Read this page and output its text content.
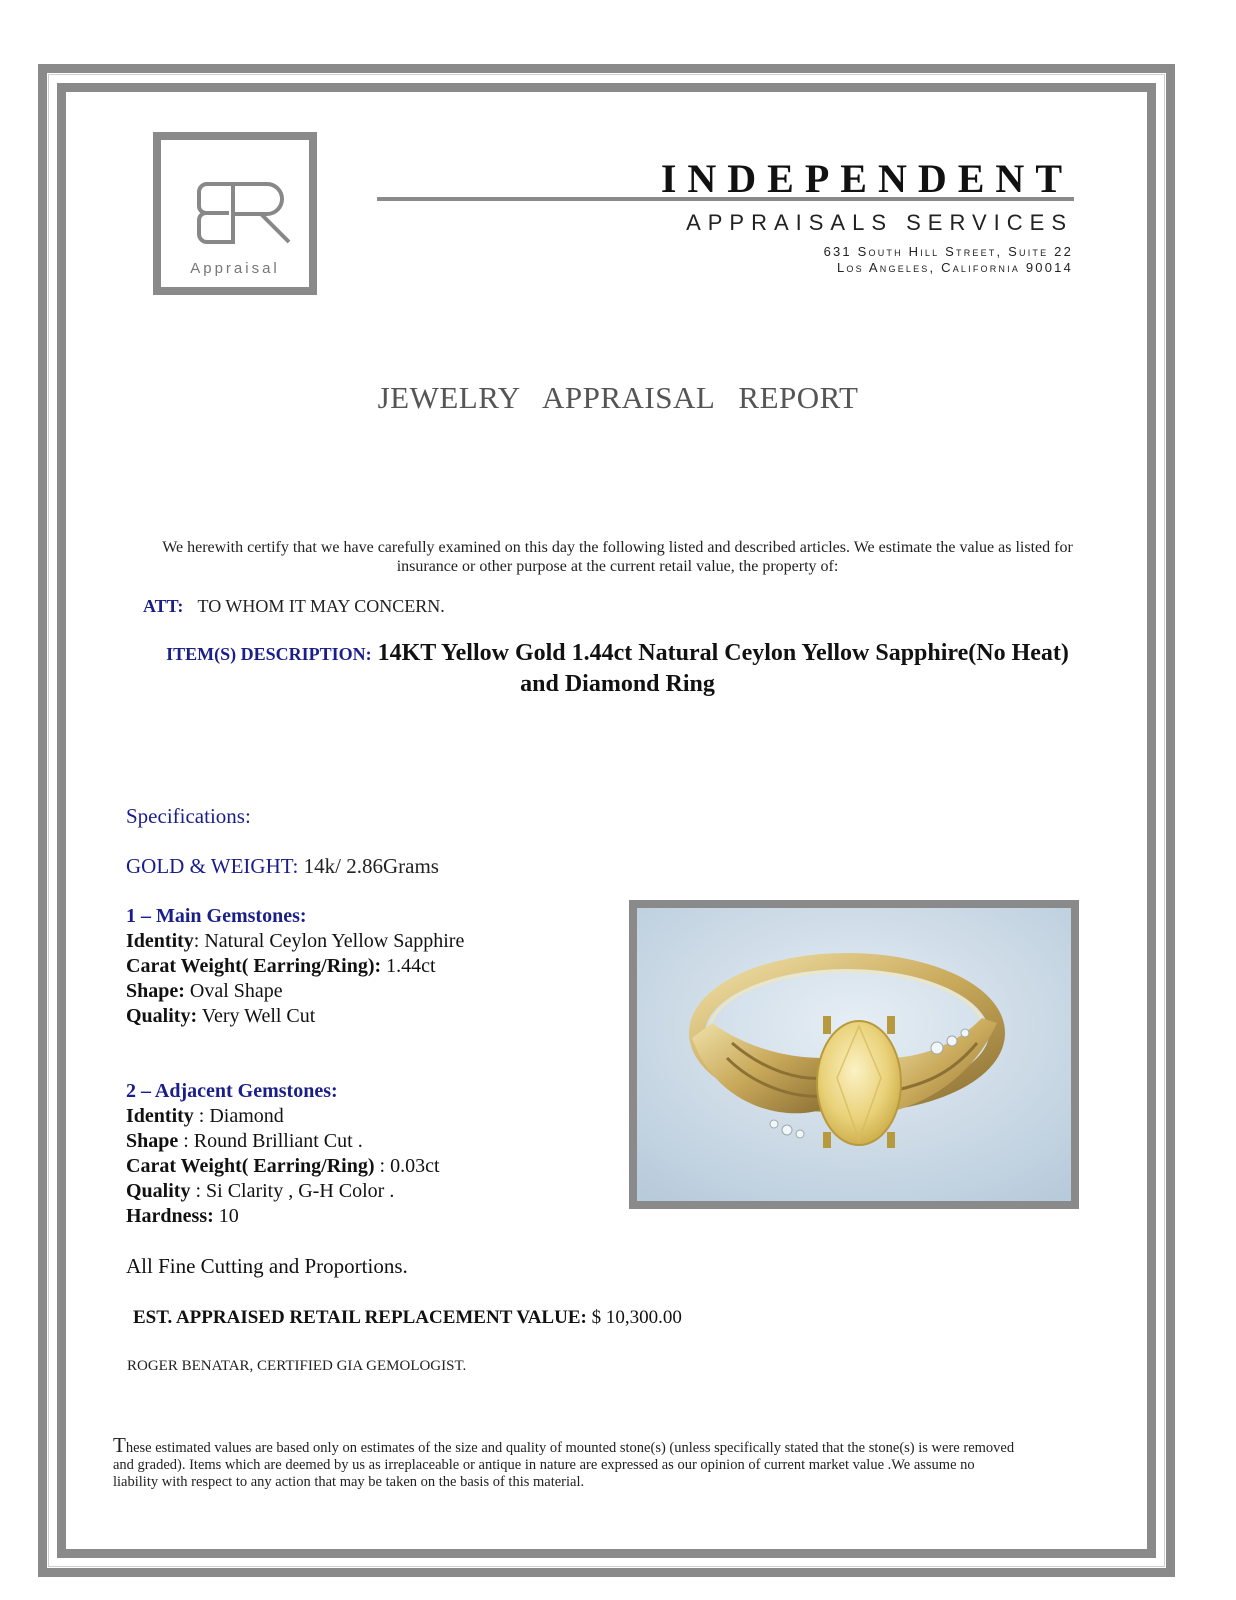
Appraisal
INDEPENDENT
APPRAISALS SERVICES
631 South Hill Street, Suite 22
Los Angeles, California 90014
JEWELRY APPRAISAL REPORT
We herewith certify that we have carefully examined on this day the following listed and described articles. We estimate the value as listed for insurance or other purpose at the current retail value, the property of:
ATT: TO WHOM IT MAY CONCERN.
ITEM(S) DESCRIPTION: 14KT Yellow Gold 1.44ct Natural Ceylon Yellow Sapphire(No Heat) and Diamond Ring
Specifications:
GOLD & WEIGHT: 14k/ 2.86Grams
1 – Main Gemstones:
Identity: Natural Ceylon Yellow Sapphire
Carat Weight( Earring/Ring): 1.44ct
Shape: Oval Shape
Quality: Very Well Cut
2 – Adjacent Gemstones:
Identity : Diamond
Shape : Round Brilliant Cut .
Carat Weight( Earring/Ring) : 0.03ct
Quality : Si Clarity , G-H Color .
Hardness: 10
All Fine Cutting and Proportions.
EST. APPRAISED RETAIL REPLACEMENT VALUE: $ 10,300.00
ROGER BENATAR, CERTIFIED GIA GEMOLOGIST.
These estimated values are based only on estimates of the size and quality of mounted stone(s) (unless specifically stated that the stone(s) is were removed and graded). Items which are deemed by us as irreplaceable or antique in nature are expressed as our opinion of current market value .We assume no liability with respect to any action that may be taken on the basis of this material.
